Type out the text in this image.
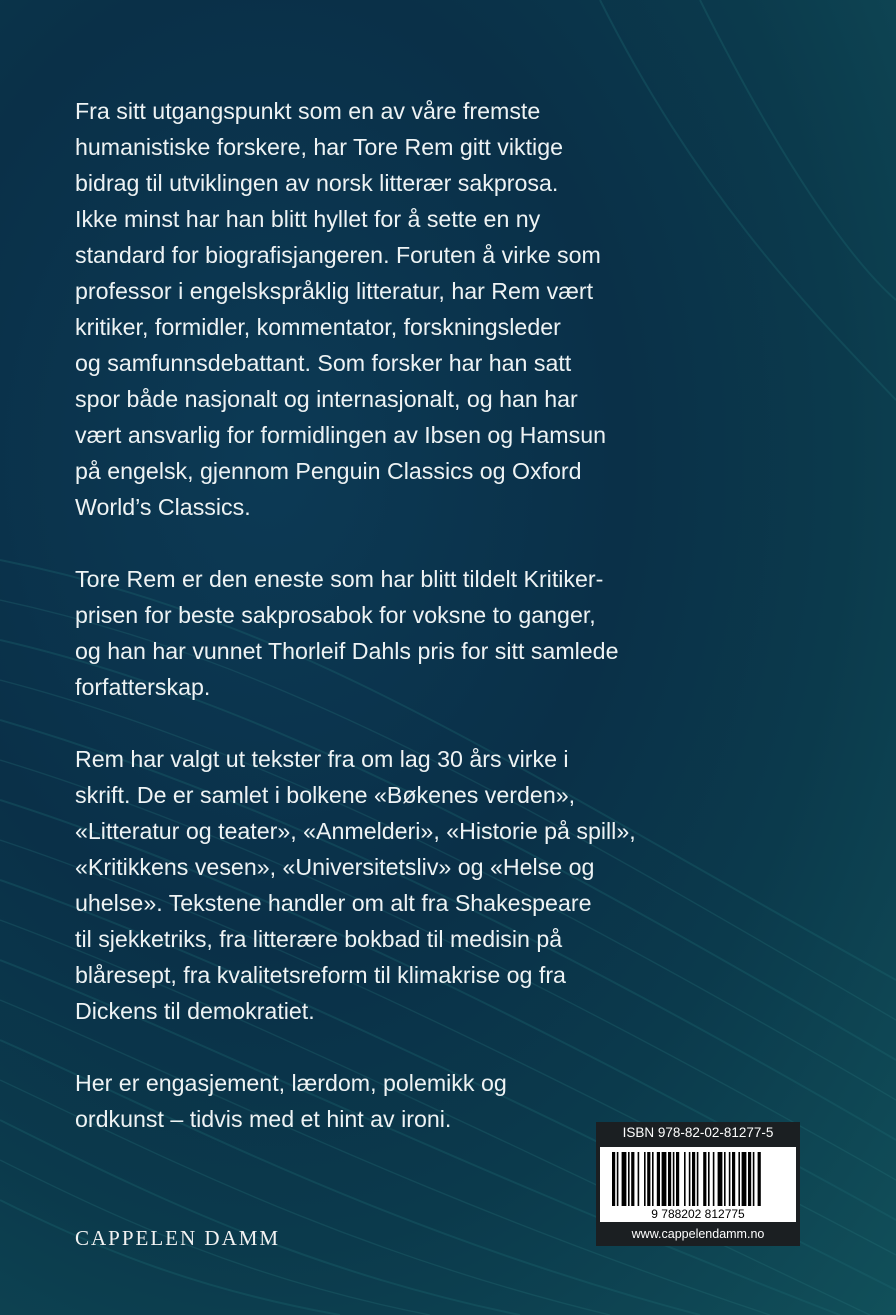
Fra sitt utgangspunkt som en av våre fremste
humanistiske forskere, har Tore Rem gitt viktige
bidrag til utviklingen av norsk litterær sakprosa.
Ikke minst har han blitt hyllet for å sette en ny
standard for biografisjangeren. Foruten å virke som
professor i engelskspråklig litteratur, har Rem vært
kritiker, formidler, kommentator, forskningsleder
og samfunnsdebattant. Som forsker har han satt
spor både nasjonalt og internasjonalt, og han har
vært ansvarlig for formidlingen av Ibsen og Hamsun
på engelsk, gjennom Penguin Classics og Oxford
World’s Classics.

Tore Rem er den eneste som har blitt tildelt Kritiker-
prisen for beste sakprosabok for voksne to ganger,
og han har vunnet Thorleif Dahls pris for sitt samlede
forfatterskap.

Rem har valgt ut tekster fra om lag 30 års virke i
skrift. De er samlet i bolkene «Bøkenes verden»,
«Litteratur og teater», «Anmelderi», «Historie på spill»,
«Kritikkens vesen», «Universitetsliv» og «Helse og
uhelse». Tekstene handler om alt fra Shakespeare
til sjekketriks, fra litterære bokbad til medisin på
blåresept, fra kvalitetsreform til klimakrise og fra
Dickens til demokratiet.

Her er engasjement, lærdom, polemikk og
ordkunst – tidvis med et hint av ironi.

CAPPELEN DAMM
ISBN 978-82-02-81277-5
9 788202 812775
www.cappelendamm.no
